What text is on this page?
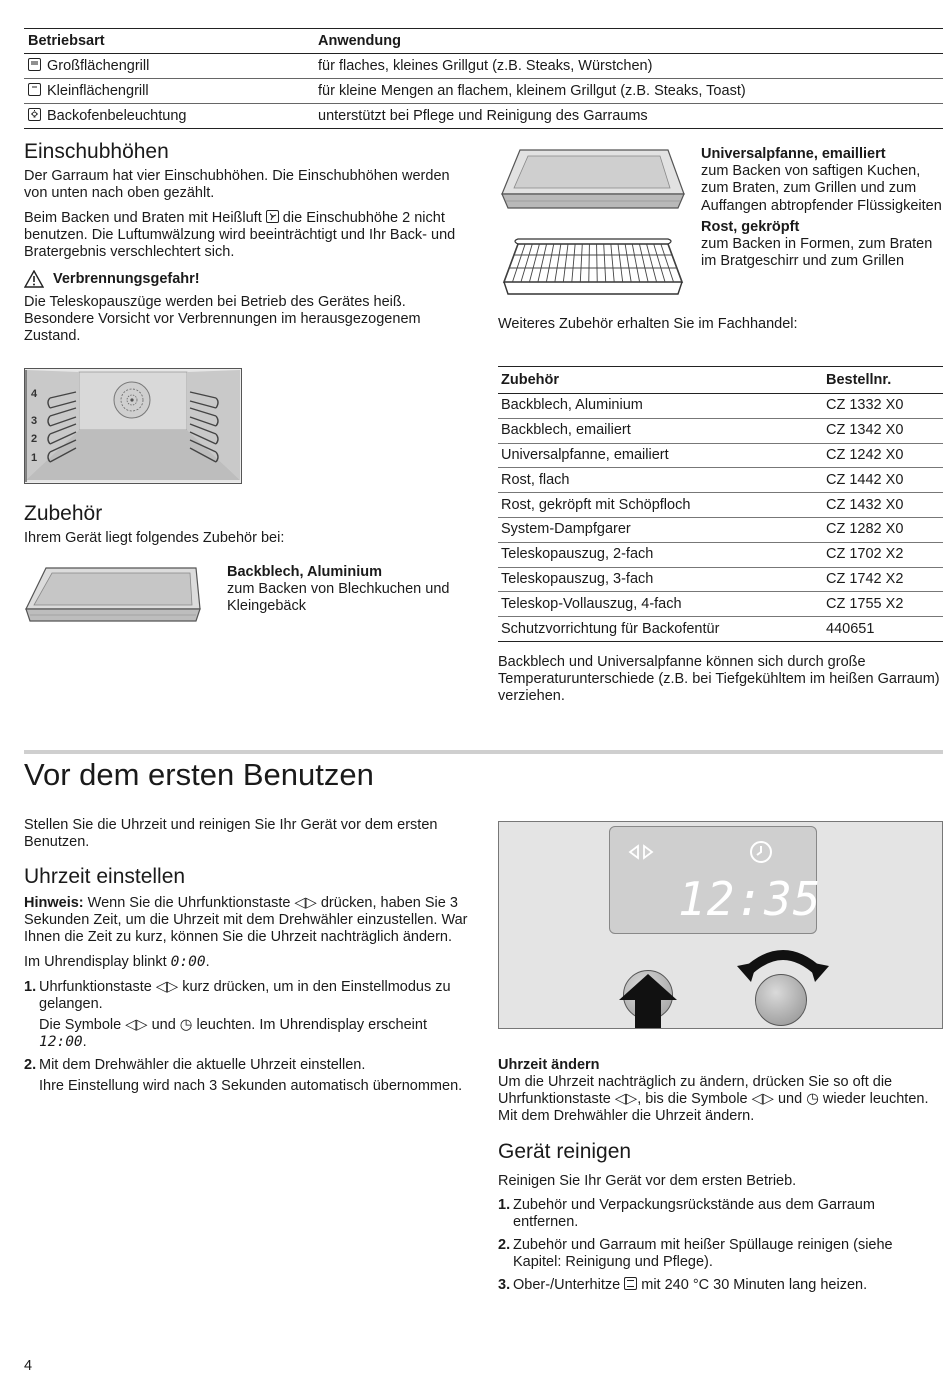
Betriebsart	Anwendung

Großflächengrill	für flaches, kleines Grillgut (z.B. Steaks, Würstchen)

Kleinflächengrill	für kleine Mengen an flachem, kleinem Grillgut (z.B. Steaks, Toast)

Backofenbeleuchtung	unterstützt bei Pflege und Reinigung des Garraums
Einschubhöhen

Der Garraum hat vier Einschubhöhen. Die Einschubhöhen werden von unten nach oben gezählt.

Beim Backen und Braten mit Heißluft
die Einschubhöhe 2 nicht benutzen. Die Luftumwälzung wird beeinträchtigt und Ihr Back- und Bratergebnis verschlechtert sich.

Verbrennungsgefahr!

Die Teleskopauszüge werden bei Betrieb des Gerätes heiß. Besondere Vorsicht vor Verbrennungen im herausgezogenem Zustand.

4
3
2
1
Zubehör

Ihrem Gerät liegt folgendes Zubehör bei:

Backblech, Aluminium

zum Backen von Blechkuchen und Kleingebäck

Universalpfanne, emailliert

zum Backen von saftigen Kuchen, zum Braten, zum Grillen und zum Auffangen abtropfender Flüssigkeiten

Rost, gekröpft

zum Backen in Formen, zum Braten im Bratgeschirr und zum Grillen

Weiteres Zubehör erhalten Sie im Fachhandel:

Zubehör	Bestellnr.
Backblech, Aluminium	CZ 1332 X0
Backblech, emailiert	CZ 1342 X0
Universalpfanne, emailiert	CZ 1242 X0
Rost, flach	CZ 1442 X0
Rost, gekröpft mit Schöpfloch	CZ 1432 X0
System-Dampfgarer	CZ 1282 X0
Teleskopauszug, 2-fach	CZ 1702 X2
Teleskopauszug, 3-fach	CZ 1742 X2
Teleskop-Vollauszug, 4-fach	CZ 1755 X2
Schutzvorrichtung für Backofentür	440651

Backblech und Universalpfanne können sich durch große Temperaturunterschiede (z.B. bei Tiefgekühltem im heißen Garraum) verziehen.

Vor dem ersten Benutzen

Stellen Sie die Uhrzeit und reinigen Sie Ihr Gerät vor dem ersten Benutzen.

Uhrzeit einstellen

Hinweis: Wenn Sie die Uhrfunktionstaste ◁▷ drücken, haben Sie 3 Sekunden Zeit, um die Uhrzeit mit dem Drehwähler einzustellen. War Ihnen die Zeit zu kurz, können Sie die Uhrzeit nachträglich ändern.

Im Uhrendisplay blinkt 0:00.

1. Uhrfunktionstaste ◁▷ kurz drücken, um in den Einstellmodus zu gelangen.

Die Symbole ◁▷ und ◷ leuchten. Im Uhrendisplay erscheint 12:00.

2. Mit dem Drehwähler die aktuelle Uhrzeit einstellen.

Ihre Einstellung wird nach 3 Sekunden automatisch übernommen.

12:35
Uhrzeit ändern

Um die Uhrzeit nachträglich zu ändern, drücken Sie so oft die Uhrfunktionstaste ◁▷, bis die Symbole ◁▷ und ◷ wieder leuchten. Mit dem Drehwähler die Uhrzeit ändern.

Gerät reinigen

Reinigen Sie Ihr Gerät vor dem ersten Betrieb.

1. Zubehör und Verpackungsrückstände aus dem Garraum entfernen.
2. Zubehör und Garraum mit heißer Spüllauge reinigen (siehe Kapitel: Reinigung und Pflege).
3. Ober-/Unterhitze
mit 240 °C 30 Minuten lang heizen.
4
